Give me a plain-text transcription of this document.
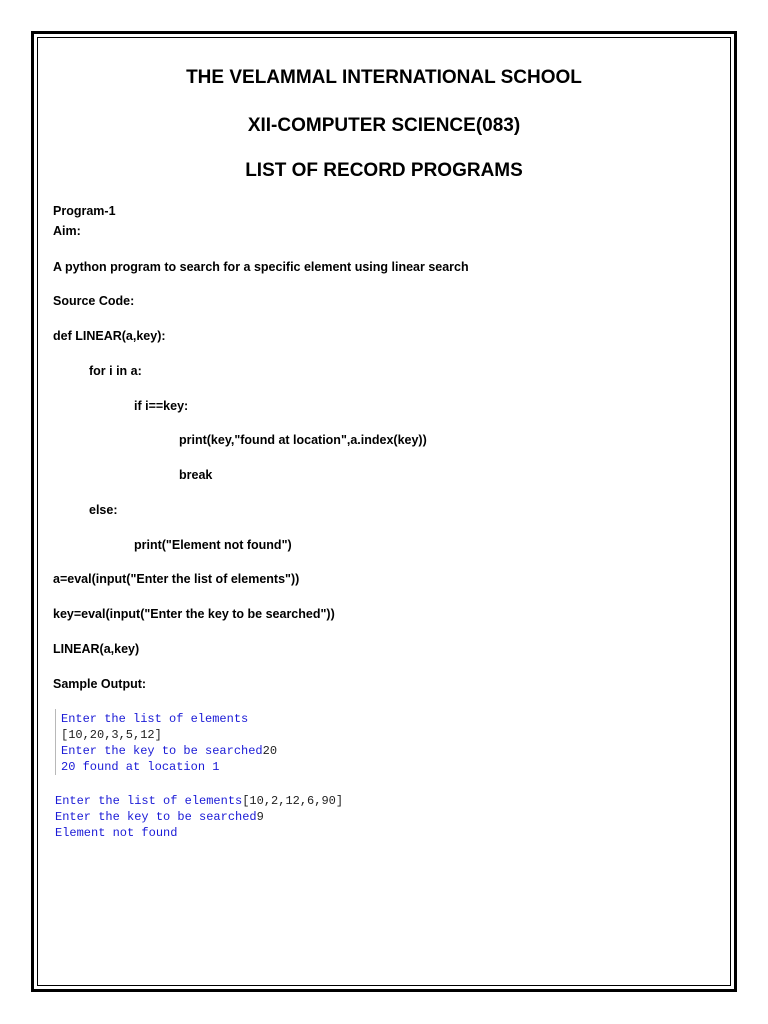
THE VELAMMAL INTERNATIONAL SCHOOL
XII-COMPUTER SCIENCE(083)
LIST OF RECORD PROGRAMS
Program-1
Aim:
A python program to search for a specific element using linear search
Source Code:
def LINEAR(a,key):
for i in a:
if i==key:
print(key,"found at location",a.index(key))
break
else:
print("Element not found")
a=eval(input("Enter the list of elements"))
key=eval(input("Enter the key to be searched"))
LINEAR(a,key)
Sample Output:
Enter the list of elements
[10,20,3,5,12]
Enter the key to be searched20
20 found at location 1
Enter the list of elements[10,2,12,6,90]
Enter the key to be searched9
Element not found
